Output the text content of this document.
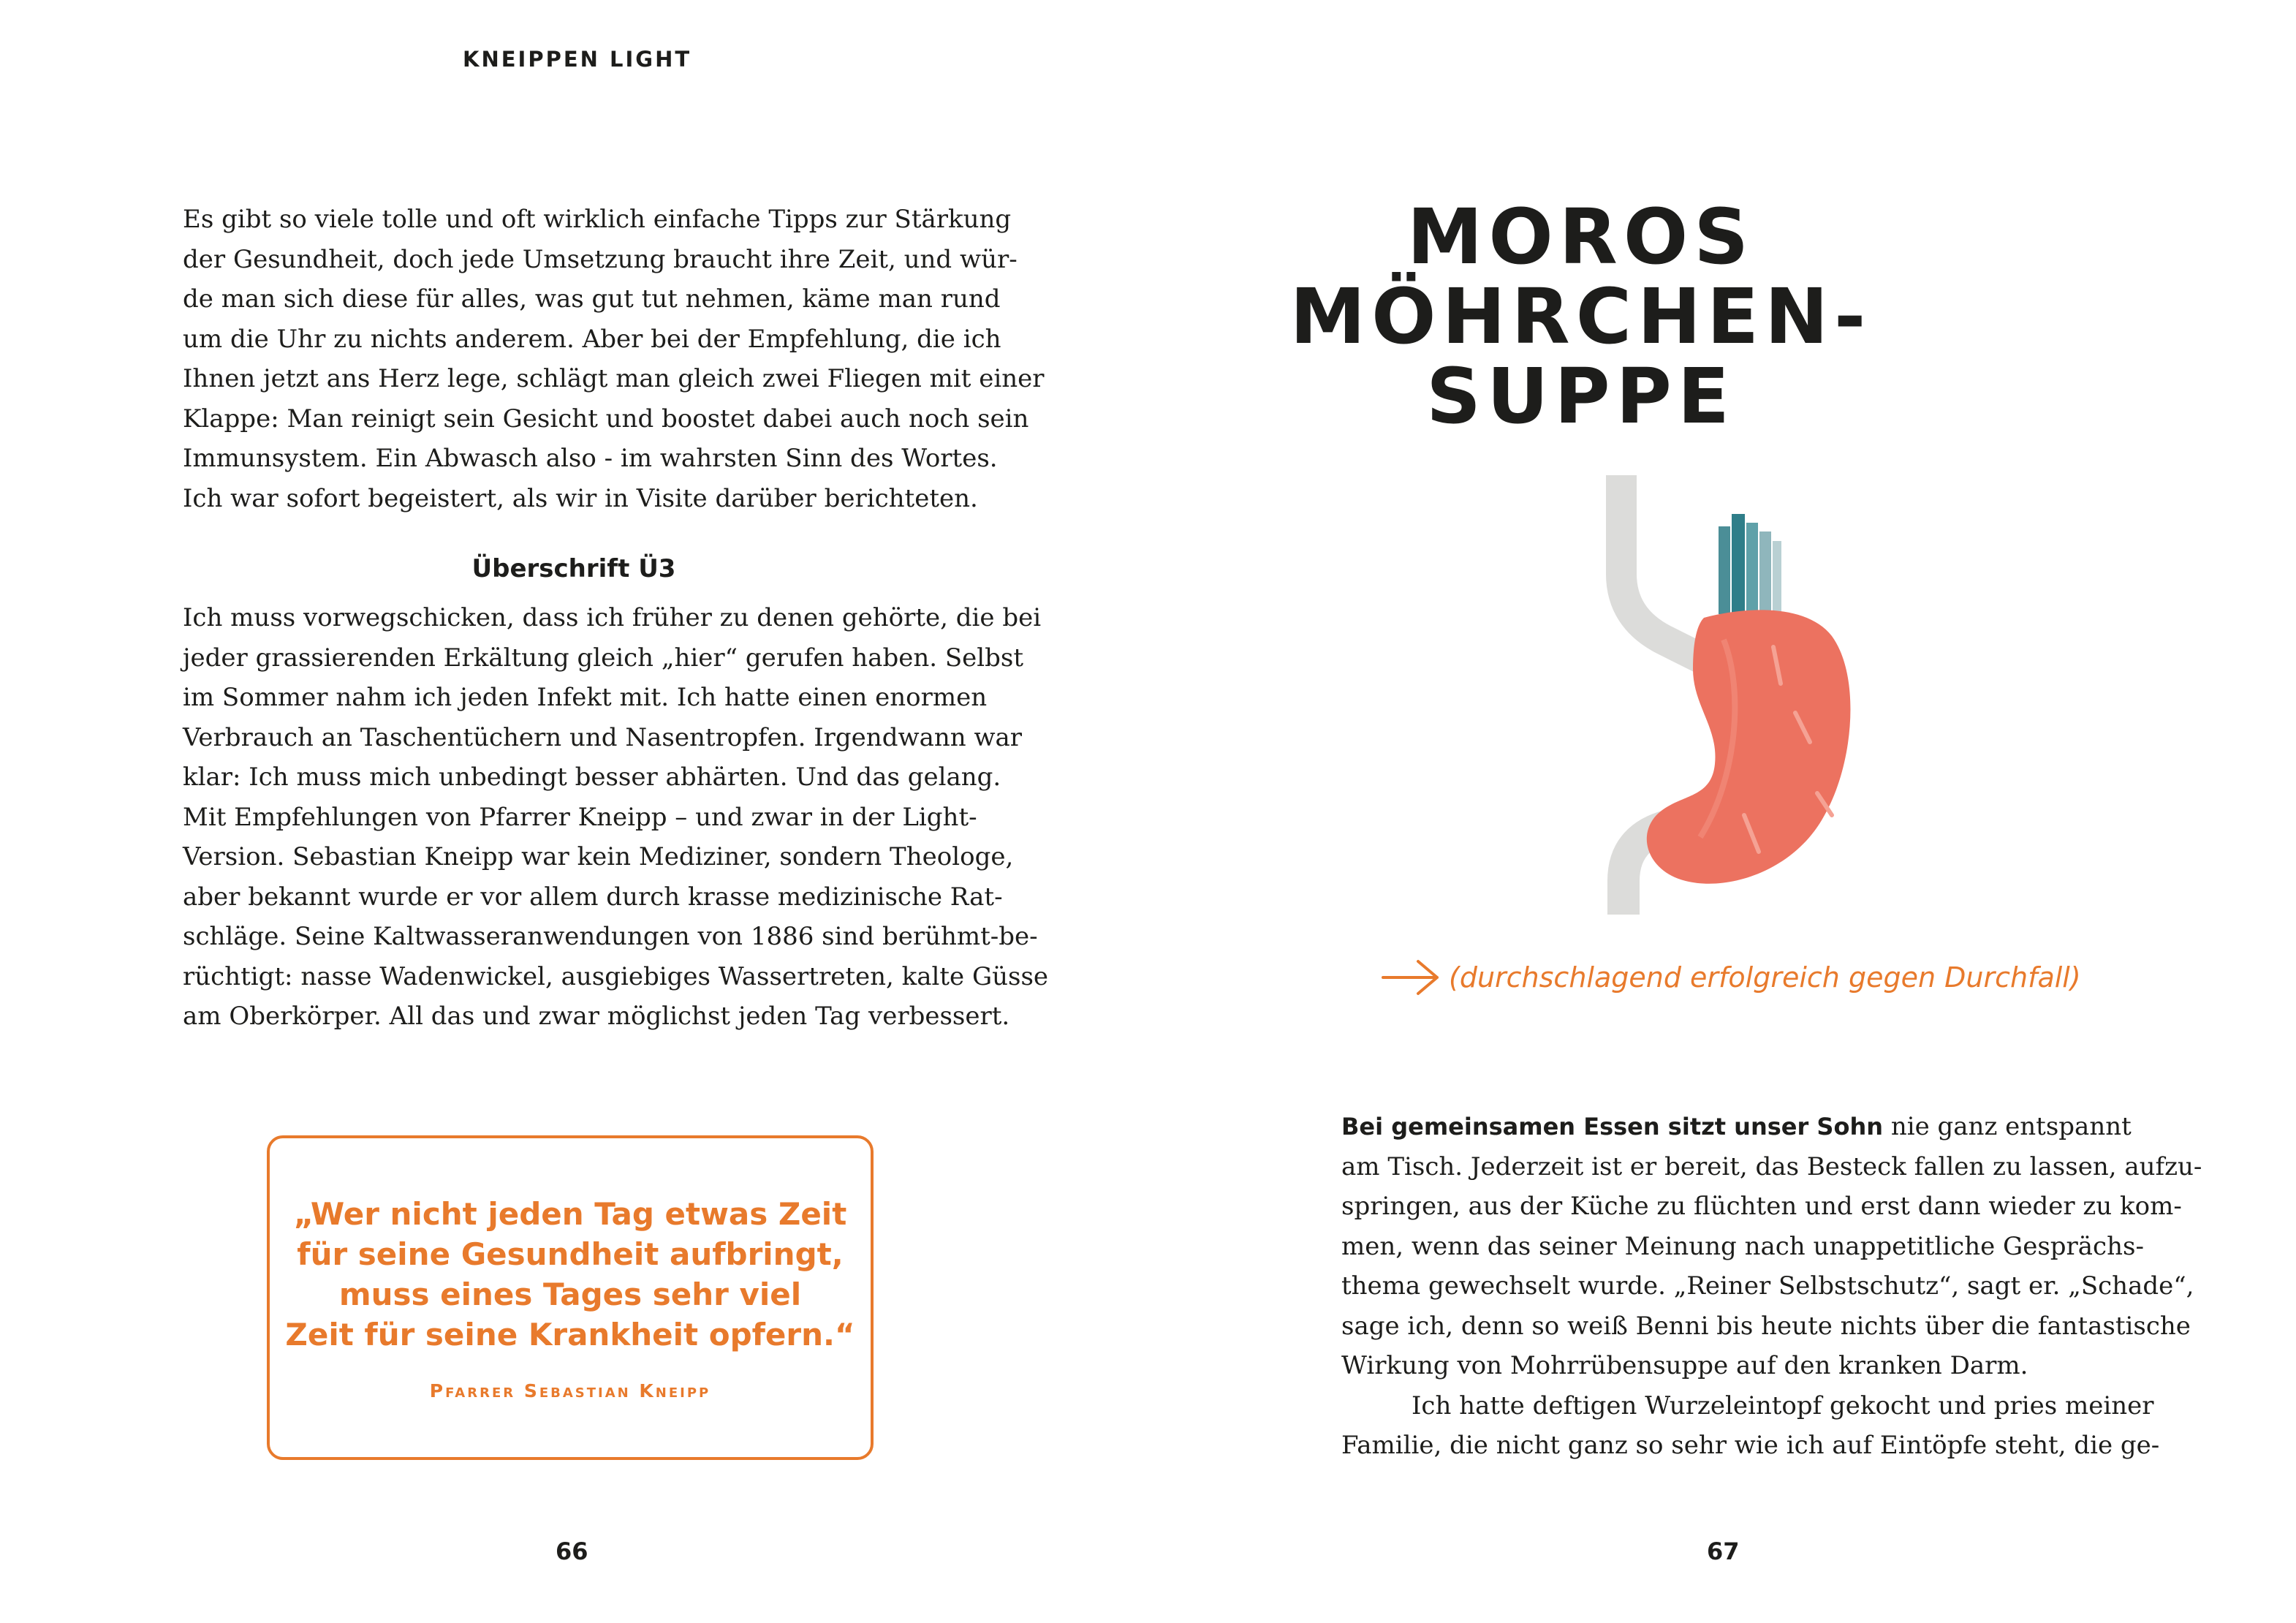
KNEIPPEN LIGHT

Es gibt so viele tolle und oft wirklich einfache Tipps zur Stärkung
der Gesundheit, doch jede Umsetzung braucht ihre Zeit, und wür-
de man sich diese für alles, was gut tut nehmen, käme man rund
um die Uhr zu nichts anderem. Aber bei der Empfehlung, die ich
Ihnen jetzt ans Herz lege, schlägt man gleich zwei Fliegen mit einer
Klappe: Man reinigt sein Gesicht und boostet dabei auch noch sein
Immunsystem. Ein Abwasch also - im wahrsten Sinn des Wortes.
Ich war sofort begeistert, als wir in Visite darüber berichteten.
Überschrift Ü3
Ich muss vorwegschicken, dass ich früher zu denen gehörte, die bei
jeder grassierenden Erkältung gleich „hier“ gerufen haben. Selbst
im Sommer nahm ich jeden Infekt mit. Ich hatte einen enormen
Verbrauch an Taschentüchern und Nasentropfen. Irgendwann war
klar: Ich muss mich unbedingt besser abhärten. Und das gelang.
Mit Empfehlungen von Pfarrer Kneipp – und zwar in der Light-
Version. Sebastian Kneipp war kein Mediziner, sondern Theologe,
aber bekannt wurde er vor allem durch krasse medizinische Rat-
schläge. Seine Kaltwasseranwendungen von 1886 sind berühmt-be-
rüchtigt: nasse Wadenwickel, ausgiebiges Wassertreten, kalte Güsse
am Oberkörper. All das und zwar möglichst jeden Tag verbessert.

„Wer nicht jeden Tag etwas Zeit
für seine Gesundheit aufbringt,
muss eines Tages sehr viel
Zeit für seine Krankheit opfern.“

Pfarrer Sebastian Kneipp

66

MOROS
MÖHRCHEN-
SUPPE

(durchschlagend erfolgreich gegen Durchfall)

Bei gemeinsamen Essen sitzt unser Sohn nie ganz entspannt
am Tisch. Jederzeit ist er bereit, das Besteck fallen zu lassen, aufzu-
springen, aus der Küche zu flüchten und erst dann wieder zu kom-
men, wenn das seiner Meinung nach unappetitliche Gesprächs-
thema gewechselt wurde. „Reiner Selbstschutz“, sagt er. „Schade“,
sage ich, denn so weiß Benni bis heute nichts über die fantastische
Wirkung von Mohrrübensuppe auf den kranken Darm.
Ich hatte deftigen Wurzeleintopf gekocht und pries meiner
Familie, die nicht ganz so sehr wie ich auf Eintöpfe steht, die ge-

67
